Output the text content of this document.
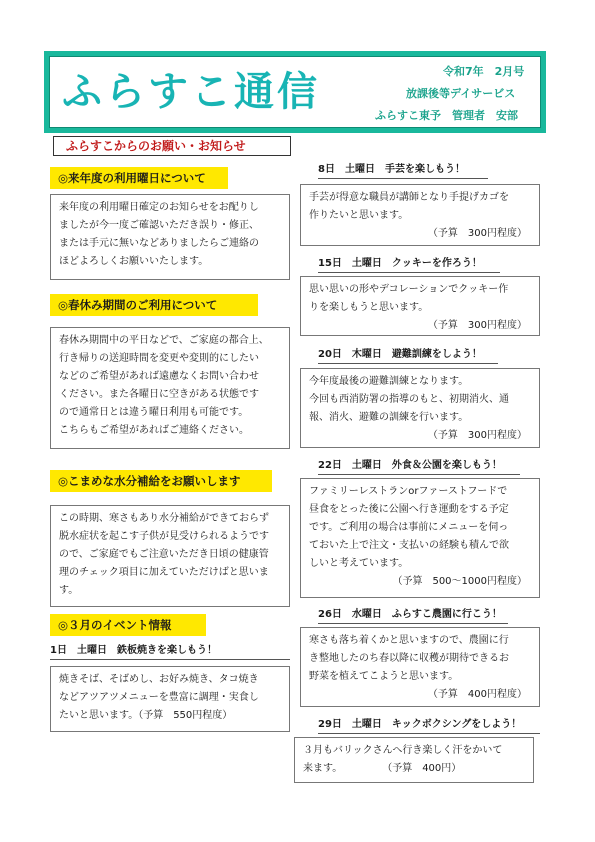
ふらすこ通信	令和7年　2月号
放課後等デイサービス
ふらすこ東予　管理者　安部
ふらすこからのお願い・お知らせ
◎来年度の利用曜日について

来年度の利用曜日確定のお知らせをお配りし

ましたが今一度ご確認いただき誤り・修正、

または手元に無いなどありましたらご連絡の

ほどよろしくお願いいたします。

◎春休み期間のご利用について

春休み期間中の平日などで、ご家庭の都合上、

行き帰りの送迎時間を変更や変則的にしたい

などのご希望があれば遠慮なくお問い合わせ

ください。また各曜日に空きがある状態です

ので通常日とは違う曜日利用も可能です。

こちらもご希望があればご連絡ください。

◎こまめな水分補給をお願いします

この時期、寒さもあり水分補給ができておらず

脱水症状を起こす子供が見受けられるようです

ので、ご家庭でもご注意いただき日頃の健康管

理のチェック項目に加えていただけばと思いま

す。

◎３月のイベント情報
1日　土曜日　鉄板焼きを楽しもう！

焼きそば、そばめし、お好み焼き、タコ焼き

などアツアツメニューを豊富に調理・実食し

たいと思います。（予算　550円程度）

8日　土曜日　手芸を楽しもう！

手芸が得意な職員が講師となり手提げカゴを

作りたいと思います。

（予算　300円程度）

15日　土曜日　クッキーを作ろう！

思い思いの形やデコレーションでクッキー作

りを楽しもうと思います。

（予算　300円程度）

20日　木曜日　避難訓練をしよう！

今年度最後の避難訓練となります。

今回も西消防署の指導のもと、初期消火、通

報、消火、避難の訓練を行います。

（予算　300円程度）

22日　土曜日　外食＆公園を楽しもう！

ファミリーレストランorファーストフードで

昼食をとった後に公園へ行き運動をする予定

です。ご利用の場合は事前にメニューを伺っ

ておいた上で注文・支払いの経験も積んで欲

しいと考えています。

（予算　500～1000円程度）

26日　水曜日　ふらすこ農園に行こう！

寒さも落ち着くかと思いますので、農園に行

き整地したのち春以降に収穫が期待できるお

野菜を植えてこようと思います。

（予算　400円程度）

29日　土曜日　キックボクシングをしよう！

３月もバリックさんへ行き楽しく汗をかいて

来ます。　　　　　（予算　400円）
